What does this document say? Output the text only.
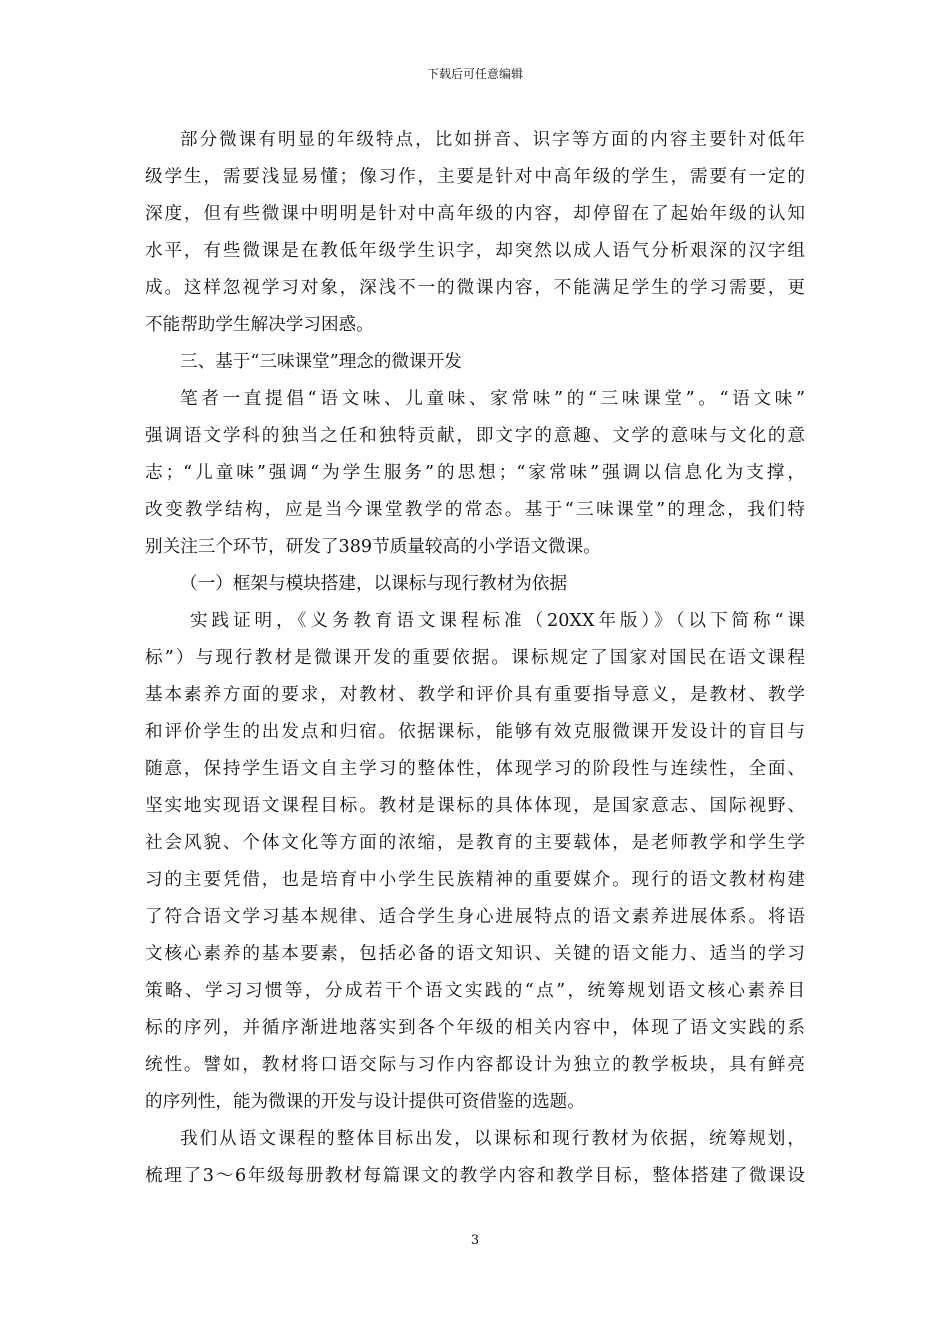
下载后可任意编辑
部分微课有明显的年级特点，比如拼音、识字等方面的内容主要针对低年
级学生，需要浅显易懂；像习作，主要是针对中高年级的学生，需要有一定的
深度，但有些微课中明明是针对中高年级的内容，却停留在了起始年级的认知
水平，有些微课是在教低年级学生识字，却突然以成人语气分析艰深的汉字组
成。这样忽视学习对象，深浅不一的微课内容，不能满足学生的学习需要，更
不能帮助学生解决学习困惑。
三、基于“三味课堂”理念的微课开发
笔者一直提倡“语文味、儿童味、家常味”的“三味课堂”。“语文味”
强调语文学科的独当之任和独特贡献，即文字的意趣、文学的意味与文化的意
志；“儿童味”强调“为学生服务”的思想；“家常味”强调以信息化为支撑，
改变教学结构，应是当今课堂教学的常态。基于“三味课堂”的理念，我们特
别关注三个环节，研发了389节质量较高的小学语文微课。
（一）框架与模块搭建，以课标与现行教材为依据
实践证明，《义务教育语文课程标准（20XX年版）》（以下简称“课
标”）与现行教材是微课开发的重要依据。课标规定了国家对国民在语文课程
基本素养方面的要求，对教材、教学和评价具有重要指导意义，是教材、教学
和评价学生的出发点和归宿。依据课标，能够有效克服微课开发设计的盲目与
随意，保持学生语文自主学习的整体性，体现学习的阶段性与连续性，全面、
坚实地实现语文课程目标。教材是课标的具体体现，是国家意志、国际视野、
社会风貌、个体文化等方面的浓缩，是教育的主要载体，是老师教学和学生学
习的主要凭借，也是培育中小学生民族精神的重要媒介。现行的语文教材构建
了符合语文学习基本规律、适合学生身心进展特点的语文素养进展体系。将语
文核心素养的基本要素，包括必备的语文知识、关键的语文能力、适当的学习
策略、学习习惯等，分成若干个语文实践的“点”，统筹规划语文核心素养目
标的序列，并循序渐进地落实到各个年级的相关内容中，体现了语文实践的系
统性。譬如，教材将口语交际与习作内容都设计为独立的教学板块，具有鲜亮
的序列性，能为微课的开发与设计提供可资借鉴的选题。
我们从语文课程的整体目标出发，以课标和现行教材为依据，统筹规划，
梳理了3～6年级每册教材每篇课文的教学内容和教学目标，整体搭建了微课设
3
